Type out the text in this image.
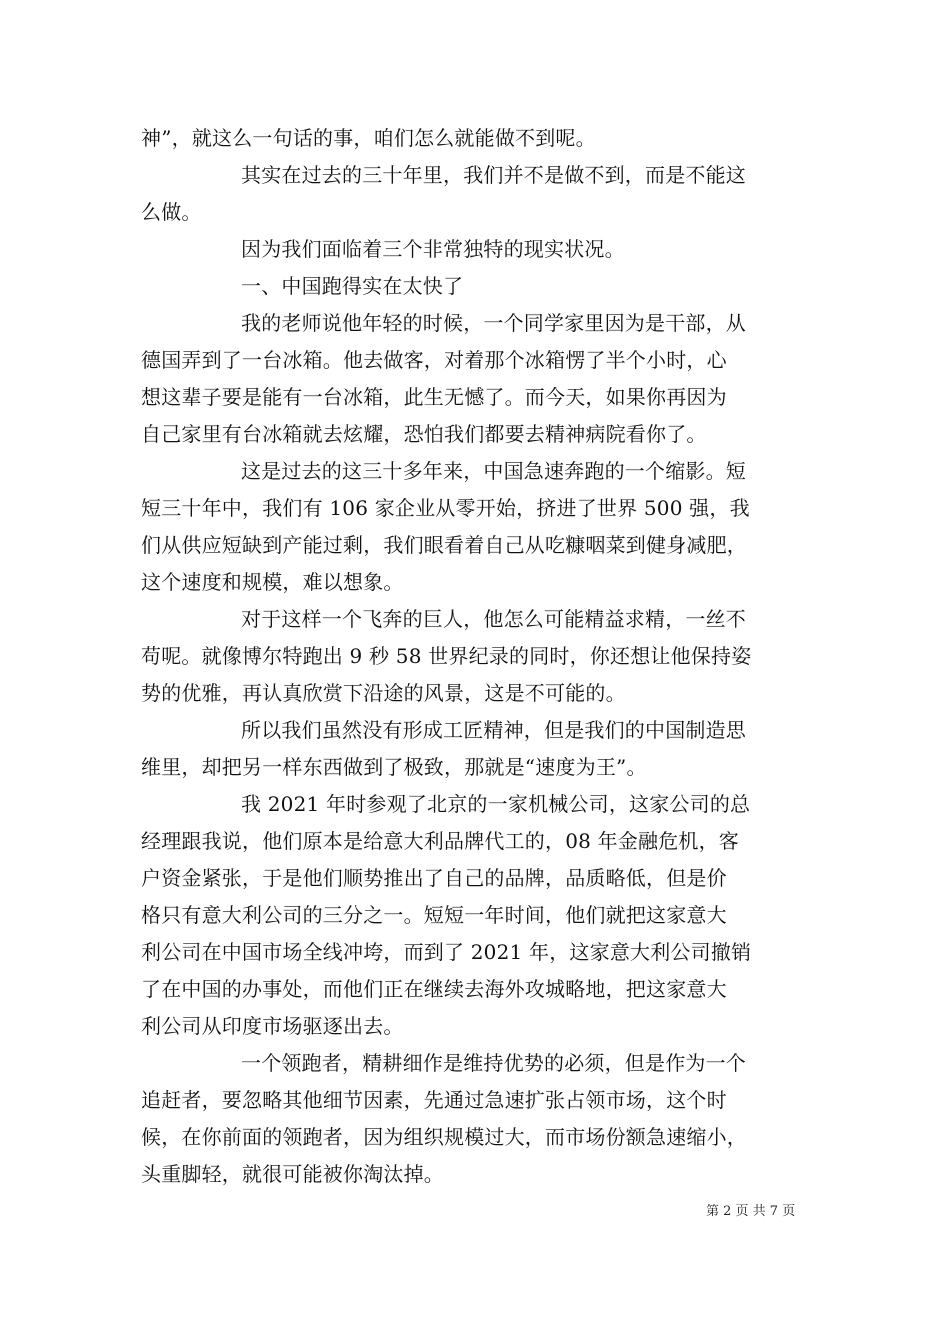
神”，就这么一句话的事，咱们怎么就能做不到呢。
其实在过去的三十年里，我们并不是做不到，而是不能这
么做。
因为我们面临着三个非常独特的现实状况。
一、中国跑得实在太快了
我的老师说他年轻的时候，一个同学家里因为是干部，从
德国弄到了一台冰箱。他去做客，对着那个冰箱愣了半个小时，心
想这辈子要是能有一台冰箱，此生无憾了。而今天，如果你再因为
自己家里有台冰箱就去炫耀，恐怕我们都要去精神病院看你了。
这是过去的这三十多年来，中国急速奔跑的一个缩影。短
短三十年中，我们有 106 家企业从零开始，挤进了世界 500 强，我
们从供应短缺到产能过剩，我们眼看着自己从吃糠咽菜到健身减肥，
这个速度和规模，难以想象。
对于这样一个飞奔的巨人，他怎么可能精益求精，一丝不
苟呢。就像博尔特跑出 9 秒 58 世界纪录的同时，你还想让他保持姿
势的优雅，再认真欣赏下沿途的风景，这是不可能的。
所以我们虽然没有形成工匠精神，但是我们的中国制造思
维里，却把另一样东西做到了极致，那就是“速度为王”。
我 2021 年时参观了北京的一家机械公司，这家公司的总
经理跟我说，他们原本是给意大利品牌代工的，08 年金融危机，客
户资金紧张，于是他们顺势推出了自己的品牌，品质略低，但是价
格只有意大利公司的三分之一。短短一年时间，他们就把这家意大
利公司在中国市场全线冲垮，而到了 2021 年，这家意大利公司撤销
了在中国的办事处，而他们正在继续去海外攻城略地，把这家意大
利公司从印度市场驱逐出去。
一个领跑者，精耕细作是维持优势的必须，但是作为一个
追赶者，要忽略其他细节因素，先通过急速扩张占领市场，这个时
候，在你前面的领跑者，因为组织规模过大，而市场份额急速缩小，
头重脚轻，就很可能被你淘汰掉。
第 2 页 共 7 页
